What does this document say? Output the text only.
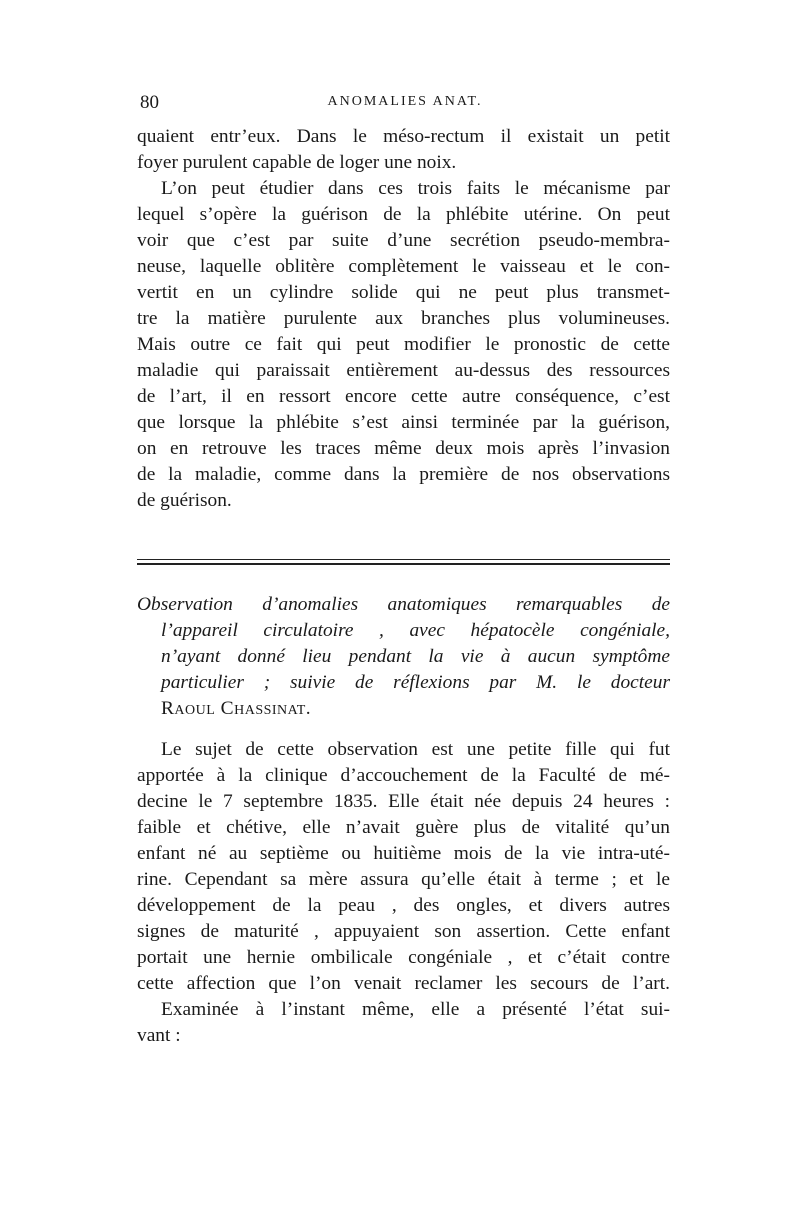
80	ANOMALIES ANAT.
quaient entr’eux. Dans le méso-rectum il existait un petit
foyer purulent capable de loger une noix.
L’on peut étudier dans ces trois faits le mécanisme par
lequel s’opère la guérison de la phlébite utérine. On peut
voir que c’est par suite d’une secrétion pseudo-membra-
neuse, laquelle oblitère complètement le vaisseau et le con-
vertit en un cylindre solide qui ne peut plus transmet-
tre la matière purulente aux branches plus volumineuses.
Mais outre ce fait qui peut modifier le pronostic de cette
maladie qui paraissait entièrement au-dessus des ressources
de l’art, il en ressort encore cette autre conséquence, c’est
que lorsque la phlébite s’est ainsi terminée par la guérison,
on en retrouve les traces même deux mois après l’invasion
de la maladie, comme dans la première de nos observations
de guérison.
Observation d’anomalies anatomiques remarquables de
l’appareil circulatoire , avec hépatocèle congéniale,
n’ayant donné lieu pendant la vie à aucun symptôme
particulier ; suivie de réflexions par M. le docteur
Raoul Chassinat.
Le sujet de cette observation est une petite fille qui fut
apportée à la clinique d’accouchement de la Faculté de mé-
decine le 7 septembre 1835. Elle était née depuis 24 heures :
faible et chétive, elle n’avait guère plus de vitalité qu’un
enfant né au septième ou huitième mois de la vie intra-uté-
rine. Cependant sa mère assura qu’elle était à terme ; et le
développement de la peau , des ongles, et divers autres
signes de maturité , appuyaient son assertion. Cette enfant
portait une hernie ombilicale congéniale , et c’était contre
cette affection que l’on venait reclamer les secours de l’art.
Examinée à l’instant même, elle a présenté l’état sui-
vant :
